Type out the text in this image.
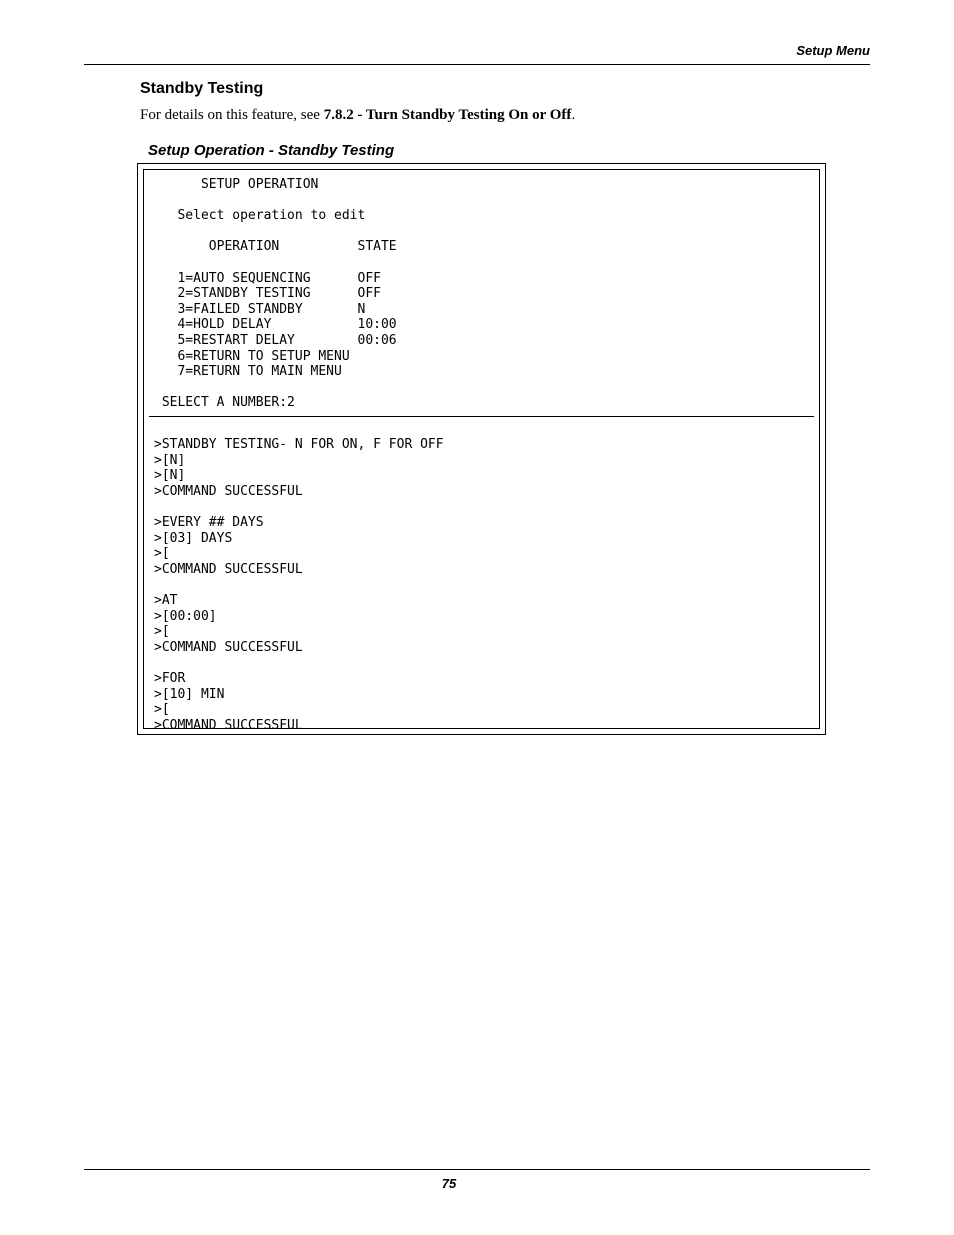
Setup Menu
Standby Testing
For details on this feature, see 7.8.2 - Turn Standby Testing On or Off.
Setup Operation - Standby Testing
SETUP OPERATION
Select operation to edit
OPERATION          STATE
1=AUTO SEQUENCING      OFF
2=STANDBY TESTING      OFF
3=FAILED STANDBY       N
4=HOLD DELAY           10:00
5=RESTART DELAY        00:06
6=RETURN TO SETUP MENU
7=RETURN TO MAIN MENU
SELECT A NUMBER:2
>STANDBY TESTING- N FOR ON, F FOR OFF
>[N]
>[N]
>COMMAND SUCCESSFUL
>EVERY ## DAYS
>[03] DAYS
>[
>COMMAND SUCCESSFUL
>AT
>[00:00]
>[
>COMMAND SUCCESSFUL
>FOR
>[10] MIN
>[
>COMMAND SUCCESSFUL
75
